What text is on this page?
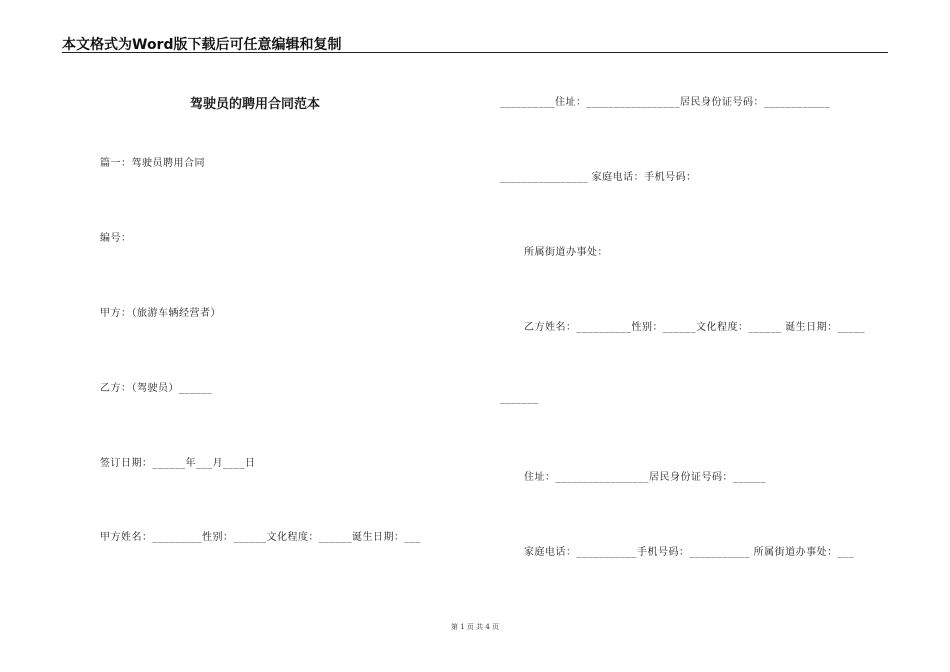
本文格式为Word版下载后可任意编辑和复制
驾驶员的聘用合同范本
篇一：驾驶员聘用合同
编号：
甲方：（旅游车辆经营者）
乙方：（驾驶员）______
签订日期：______年___月____日
甲方姓名：_________性别：______文化程度：______诞生日期：___
__________住址：_________________居民身份证号码：____________
________________ 家庭电话：手机号码：
所属街道办事处：
乙方姓名：__________性别：______文化程度：______ 诞生日期：_____
_______
住址：_________________居民身份证号码：______
家庭电话：___________手机号码：___________ 所属街道办事处：___
第 1 页 共 4 页
